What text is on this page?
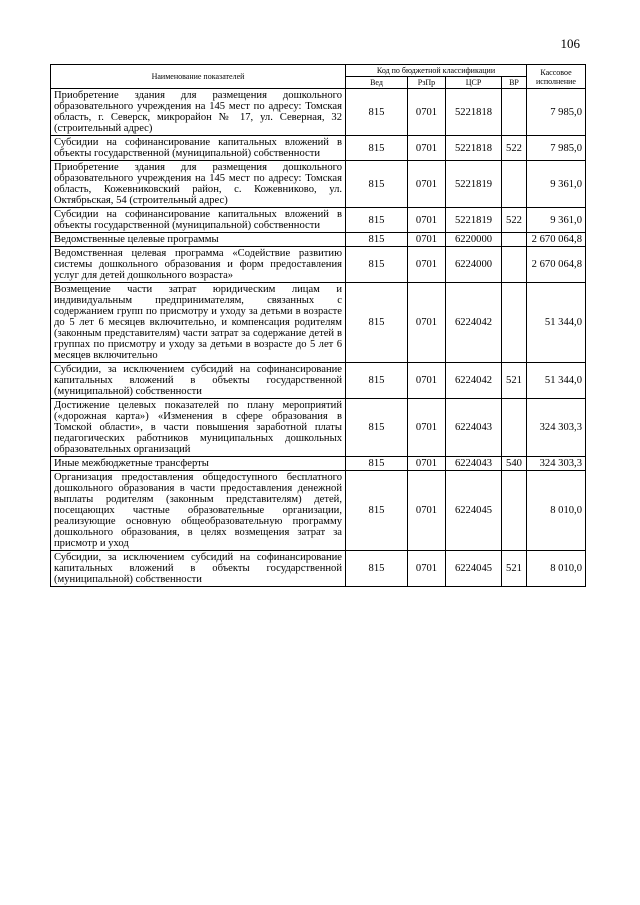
106
Наименование показателей	Код по бюджетной классификации				Кассовое исполнение
	Вед	РзПр	ЦСР	ВР	
Приобретение здания для размещения дошкольного образовательного учреждения на 145 мест по адресу: Томская область, г. Северск, микрорайон № 17, ул. Северная, 32 (строительный адрес)	815	0701	5221818		7 985,0
Субсидии на софинансирование капитальных вложений в объекты государственной (муниципальной) собственности	815	0701	5221818	522	7 985,0
Приобретение здания для размещения дошкольного образовательного учреждения на 145 мест по адресу: Томская область, Кожевниковский район, с. Кожевниково, ул. Октябрьская, 54 (строительный адрес)	815	0701	5221819		9 361,0
Субсидии на софинансирование капитальных вложений в объекты государственной (муниципальной) собственности	815	0701	5221819	522	9 361,0
Ведомственные целевые программы	815	0701	6220000		2 670 064,8
Ведомственная целевая программа «Содействие развитию системы дошкольного образования и форм предоставления услуг для детей дошкольного возраста»	815	0701	6224000		2 670 064,8
Возмещение части затрат юридическим лицам и индивидуальным предпринимателям, связанных с содержанием групп по присмотру и уходу за детьми в возрасте до 5 лет 6 месяцев включительно, и компенсация родителям (законным представителям) части затрат за содержание детей в группах по присмотру и уходу за детьми в возрасте до 5 лет 6 месяцев включительно	815	0701	6224042		51 344,0
Субсидии, за исключением субсидий на софинансирование капитальных вложений в объекты государственной (муниципальной) собственности	815	0701	6224042	521	51 344,0
Достижение целевых показателей по плану мероприятий («дорожная карта») «Изменения в сфере образования в Томской области», в части повышения заработной платы педагогических работников муниципальных дошкольных образовательных организаций	815	0701	6224043		324 303,3
Иные межбюджетные трансферты	815	0701	6224043	540	324 303,3
Организация предоставления общедоступного бесплатного дошкольного образования в части предоставления денежной выплаты родителям (законным представителям) детей, посещающих частные образовательные организации, реализующие основную общеобразовательную программу дошкольного образования, в целях возмещения затрат за присмотр и уход	815	0701	6224045		8 010,0
Субсидии, за исключением субсидий на софинансирование капитальных вложений в объекты государственной (муниципальной) собственности	815	0701	6224045	521	8 010,0
